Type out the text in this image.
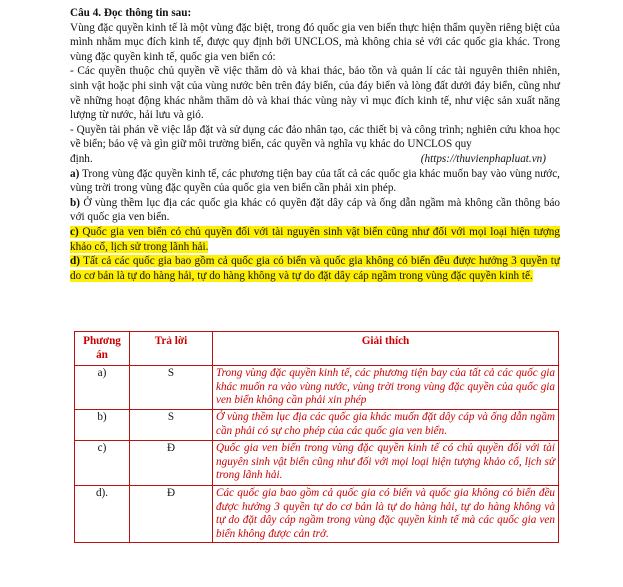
Câu 4. Đọc thông tin sau:
Vùng đặc quyền kinh tế là một vùng đặc biệt, trong đó quốc gia ven biển thực hiện thẩm quyền riêng biệt của mình nhằm mục đích kinh tế, được quy định bởi UNCLOS, mà không chia sẻ với các quốc gia khác. Trong vùng đặc quyền kinh tế, quốc gia ven biển có:
- Các quyền thuộc chủ quyền về việc thăm dò và khai thác, bảo tồn và quản lí các tài nguyên thiên nhiên, sinh vật hoặc phi sinh vật của vùng nước bên trên đáy biển, của đáy biển và lòng đất dưới đáy biển, cũng như về những hoạt động khác nhằm thăm dò và khai thác vùng này vì mục đích kinh tế, như việc sản xuất năng lượng từ nước, hải lưu và gió.
- Quyền tài phán về việc lắp đặt và sử dụng các đảo nhân tạo, các thiết bị và công trình; nghiên cứu khoa học về biển; bảo vệ và gìn giữ môi trường biển, các quyền và nghĩa vụ khác do UNCLOS quy
định.	(https://thuvienphapluat.vn)
a) Trong vùng đặc quyền kinh tế, các phương tiện bay của tất cả các quốc gia khác muốn bay vào vùng nước, vùng trời trong vùng đặc quyền của quốc gia ven biển cần phải xin phép.
b) Ở vùng thềm lục địa các quốc gia khác có quyền đặt dây cáp và ống dẫn ngầm mà không cần thông báo với quốc gia ven biển.
c) Quốc gia ven biển có chủ quyền đối với tài nguyên sinh vật biển cũng như đối với mọi loại hiện tượng khảo cổ, lịch sử trong lãnh hải.
d) Tất cả các quốc gia bao gồm cả quốc gia có biển và quốc gia không có biển đều được hưởng 3 quyền tự do cơ bản là tự do hàng hải, tự do hàng không và tự do đặt dây cáp ngầm trong vùng đặc quyền kinh tế.
Phương án	Trả lời	Giải thích
a)	S	Trong vùng đặc quyền kinh tế, các phương tiện bay của tất cả các quốc gia khác muốn ra vào vùng nước, vùng trời trong vùng đặc quyền của quốc gia ven biển không cần phải xin phép
b)	S	Ở vùng thềm lục địa các quốc gia khác muốn đặt dây cáp và ống dẫn ngầm cần phải có sự cho phép của các quốc gia ven biển.
c)	Đ	Quốc gia ven biển trong vùng đặc quyền kinh tế có chủ quyền đối với tài nguyên sinh vật biển cũng như đối với mọi loại hiện tượng khảo cổ, lịch sử trong lãnh hải.
d).	Đ	Các quốc gia bao gồm cả quốc gia có biển và quốc gia không có biển đều được hưởng 3 quyền tự do cơ bản là tự do hàng hải, tự do hàng không và tự do đặt dây cáp ngầm trong vùng đặc quyền kinh tế mà các quốc gia ven biển không được cản trở.
